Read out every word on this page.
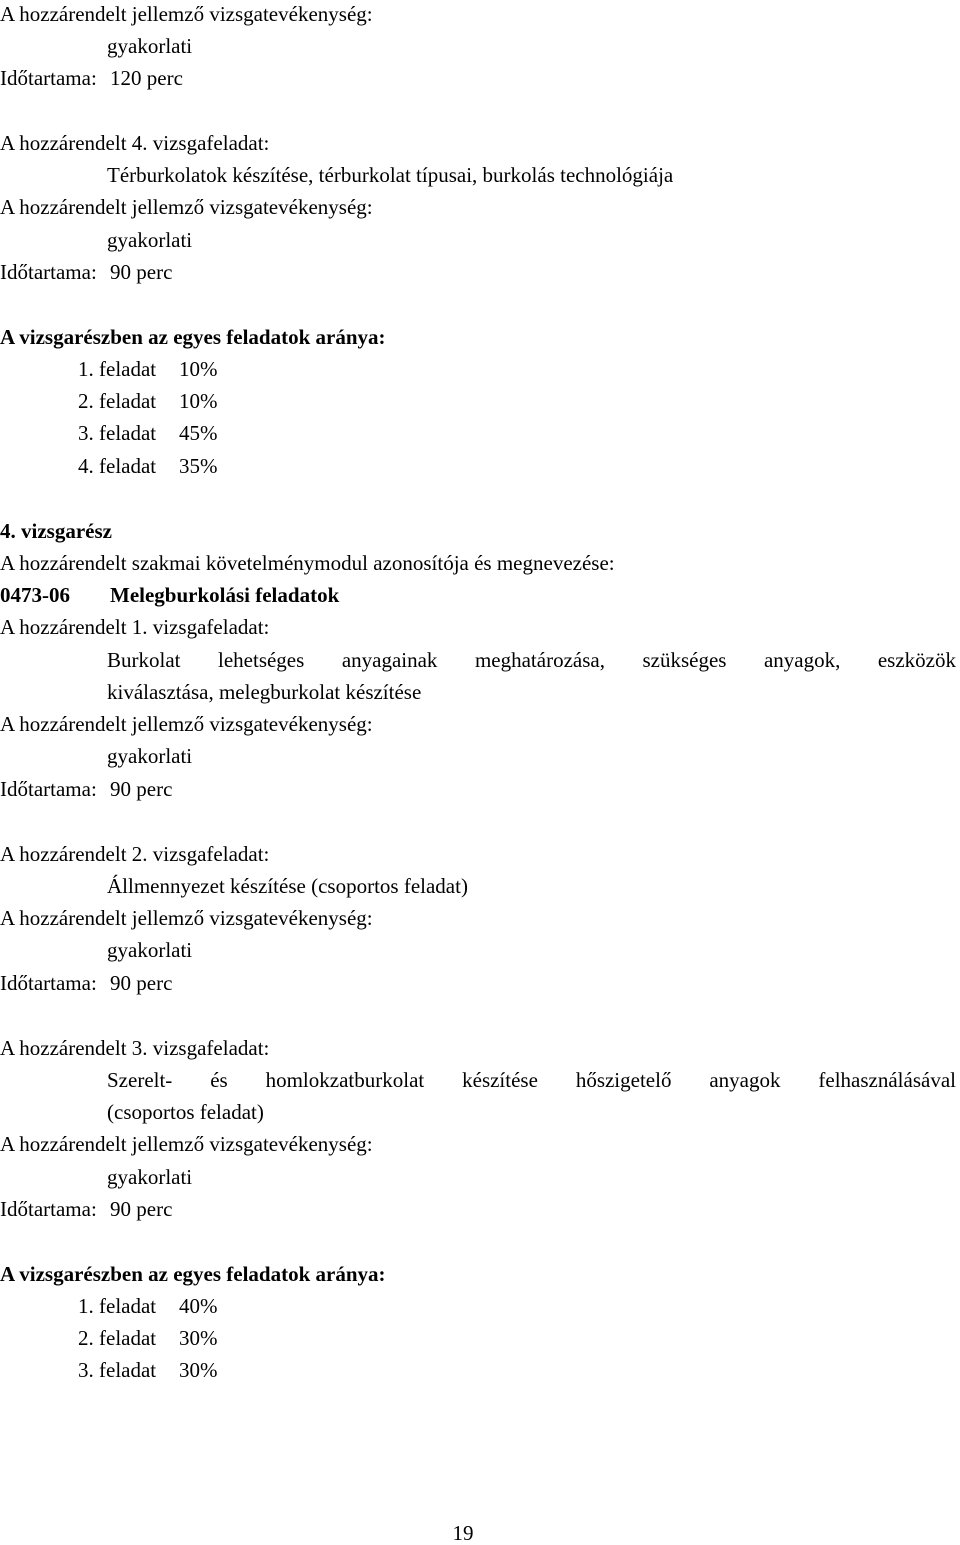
A hozzárendelt jellemző vizsgatevékenység:
gyakorlati
Időtartama: 120 perc
A hozzárendelt 4. vizsgafeladat:
Térburkolatok készítése, térburkolat típusai, burkolás technológiája
A hozzárendelt jellemző vizsgatevékenység:
gyakorlati
Időtartama: 90 perc
A vizsgarészben az egyes feladatok aránya:
1. feladat 10%
2. feladat 10%
3. feladat 45%
4. feladat 35%
4. vizsgarész
A hozzárendelt szakmai követelménymodul azonosítója és megnevezése:
0473-06 Melegburkolási feladatok
A hozzárendelt 1. vizsgafeladat:
Burkolat lehetséges anyagainak meghatározása, szükséges anyagok, eszközök
kiválasztása, melegburkolat készítése
A hozzárendelt jellemző vizsgatevékenység:
gyakorlati
Időtartama: 90 perc
A hozzárendelt 2. vizsgafeladat:
Állmennyezet készítése (csoportos feladat)
A hozzárendelt jellemző vizsgatevékenység:
gyakorlati
Időtartama: 90 perc
A hozzárendelt 3. vizsgafeladat:
Szerelt- és homlokzatburkolat készítése hőszigetelő anyagok felhasználásával
(csoportos feladat)
A hozzárendelt jellemző vizsgatevékenység:
gyakorlati
Időtartama: 90 perc
A vizsgarészben az egyes feladatok aránya:
1. feladat 40%
2. feladat 30%
3. feladat 30%
19
